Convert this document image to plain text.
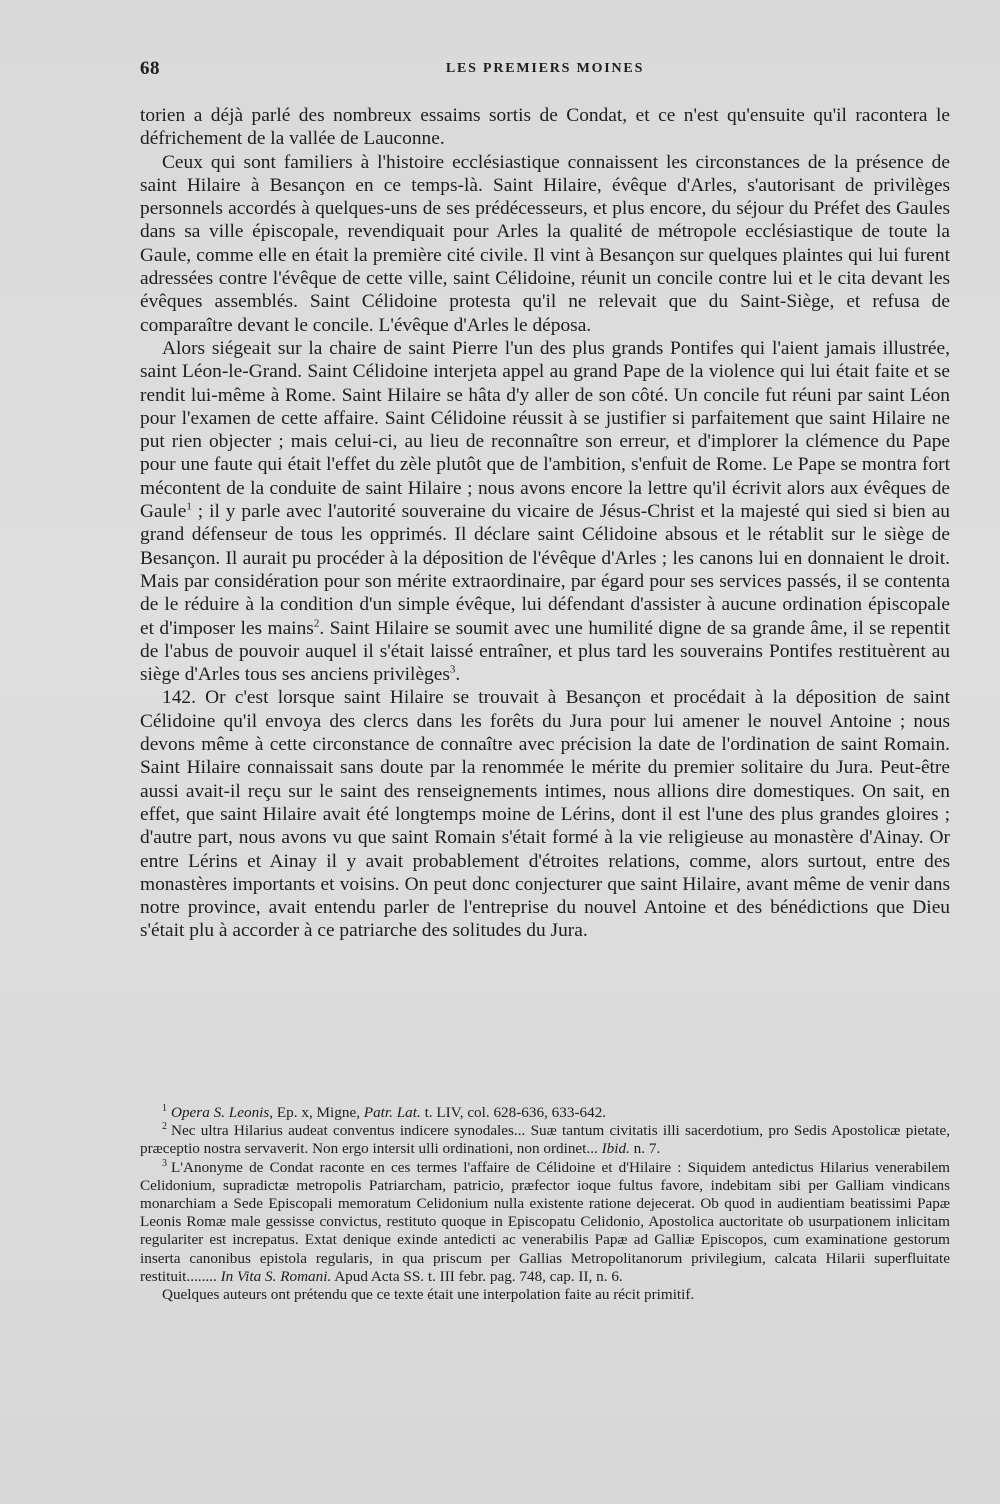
68	LES PREMIERS MOINES

torien a déjà parlé des nombreux essaims sortis de Condat, et ce n'est qu'ensuite qu'il racontera le défrichement de la vallée de Lauconne.

Ceux qui sont familiers à l'histoire ecclésiastique connaissent les circonstances de la présence de saint Hilaire à Besançon en ce temps-là. Saint Hilaire, évêque d'Arles, s'autorisant de privilèges personnels accordés à quelques-uns de ses prédécesseurs, et plus encore, du séjour du Préfet des Gaules dans sa ville épiscopale, revendiquait pour Arles la qualité de métropole ecclésiastique de toute la Gaule, comme elle en était la première cité civile. Il vint à Besançon sur quelques plaintes qui lui furent adressées contre l'évêque de cette ville, saint Célidoine, réunit un concile contre lui et le cita devant les évêques assemblés. Saint Célidoine protesta qu'il ne relevait que du Saint-Siège, et refusa de comparaître devant le concile. L'évêque d'Arles le déposa.

Alors siégeait sur la chaire de saint Pierre l'un des plus grands Pontifes qui l'aient jamais illustrée, saint Léon-le-Grand. Saint Célidoine interjeta appel au grand Pape de la violence qui lui était faite et se rendit lui-même à Rome. Saint Hilaire se hâta d'y aller de son côté. Un concile fut réuni par saint Léon pour l'examen de cette affaire. Saint Célidoine réussit à se justifier si parfaitement que saint Hilaire ne put rien objecter ; mais celui-ci, au lieu de reconnaître son erreur, et d'implorer la clémence du Pape pour une faute qui était l'effet du zèle plutôt que de l'ambition, s'enfuit de Rome. Le Pape se montra fort mécontent de la conduite de saint Hilaire ; nous avons encore la lettre qu'il écrivit alors aux évêques de Gaule$^1$ ; il y parle avec l'autorité souveraine du vicaire de Jésus-Christ et la majesté qui sied si bien au grand défenseur de tous les opprimés. Il déclare saint Célidoine absous et le rétablit sur le siège de Besançon. Il aurait pu procéder à la déposition de l'évêque d'Arles ; les canons lui en donnaient le droit. Mais par considération pour son mérite extraordinaire, par égard pour ses services passés, il se contenta de le réduire à la condition d'un simple évêque, lui défendant d'assister à aucune ordination épiscopale et d'imposer les mains$^2$. Saint Hilaire se soumit avec une humilité digne de sa grande âme, il se repentit de l'abus de pouvoir auquel il s'était laissé entraîner, et plus tard les souverains Pontifes restituèrent au siège d'Arles tous ses anciens privilèges$^3$.

142. Or c'est lorsque saint Hilaire se trouvait à Besançon et procédait à la déposition de saint Célidoine qu'il envoya des clercs dans les forêts du Jura pour lui amener le nouvel Antoine ; nous devons même à cette circonstance de connaître avec précision la date de l'ordination de saint Romain. Saint Hilaire connaissait sans doute par la renommée le mérite du premier solitaire du Jura. Peut-être aussi avait-il reçu sur le saint des renseignements intimes, nous allions dire domestiques. On sait, en effet, que saint Hilaire avait été longtemps moine de Lérins, dont il est l'une des plus grandes gloires ; d'autre part, nous avons vu que saint Romain s'était formé à la vie religieuse au monastère d'Ainay. Or entre Lérins et Ainay il y avait probablement d'étroites relations, comme, alors surtout, entre des monastères importants et voisins. On peut donc conjecturer que saint Hilaire, avant même de venir dans notre province, avait entendu parler de l'entreprise du nouvel Antoine et des bénédictions que Dieu s'était plu à accorder à ce patriarche des solitudes du Jura.

$^1$ Opera S. Leonis, Ep. x, Migne, Patr. Lat. t. LIV, col. 628-636, 633-642.

$^2$ Nec ultra Hilarius audeat conventus indicere synodales... Suæ tantum civitatis illi sacerdotium, pro Sedis Apostolicæ pietate, præceptio nostra servaverit. Non ergo intersit ulli ordinationi, non ordinet... Ibid. n. 7.

$^3$ L'Anonyme de Condat raconte en ces termes l'affaire de Célidoine et d'Hilaire : Siquidem antedictus Hilarius venerabilem Celidonium, supradictæ metropolis Patriarcham, patricio, præfector ioque fultus favore, indebitam sibi per Galliam vindicans monarchiam a Sede Episcopali memoratum Celidonium nulla existente ratione dejecerat. Ob quod in audientiam beatissimi Papæ Leonis Romæ male gessisse convictus, restituto quoque in Episcopatu Celidonio, Apostolica auctoritate ob usurpationem inlicitam regulariter est increpatus. Extat denique exinde antedicti ac venerabilis Papæ ad Galliæ Episcopos, cum examinatione gestorum inserta canonibus epistola regularis, in qua priscum per Gallias Metropolitanorum privilegium, calcata Hilarii superfluitate restituit........ In Vita S. Romani. Apud Acta SS. t. III febr. pag. 748, cap. II, n. 6.

Quelques auteurs ont prétendu que ce texte était une interpolation faite au récit primitif.
